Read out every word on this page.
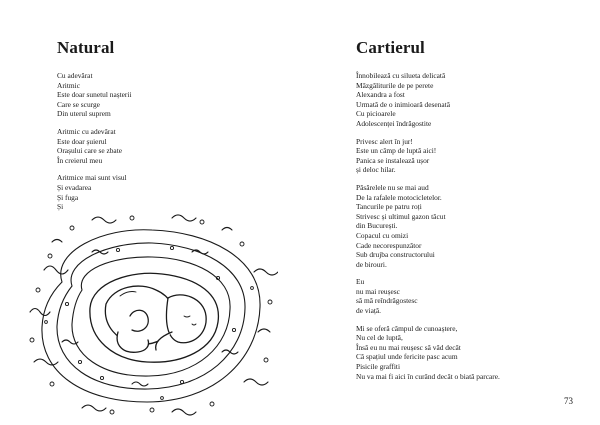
Natural
Cu adevărat
Aritmic
Este doar sunetul nașterii
Care se scurge
Din uterul suprem
Aritmic cu adevărat
Este doar șuierul
Orașului care se zbate
În creierul meu
Aritmice mai sunt visul
Și evadarea
Și fuga
Și
Cartierul
Înnobilează cu silueta delicată
Mâzgăliturile de pe perete
Alexandra a fost
Urmată de o inimioară desenată
Cu picioarele
Adolescenței îndrăgostite
Privesc alert în jur!
Este un câmp de luptă aici!
Panica se instalează ușor
și deloc hilar.
Păsărelele nu se mai aud
De la rafalele motocicletelor.
Tancurile pe patru roți
Strivesc și ultimul gazon tăcut
din București.
Copacul cu omizi
Cade necorespunzător
Sub drujba constructorului
de birouri.
Eu
nu mai reușesc
să mă reîndrăgostesc
de viață.
Mi se oferă câmpul de cunoaștere,
Nu cel de luptă,
Însă eu nu mai reușesc să văd decât
Că spațiul unde fericite pasc acum
Pisicile graffiti
Nu va mai fi aici în curând decât o biată parcare.
73
